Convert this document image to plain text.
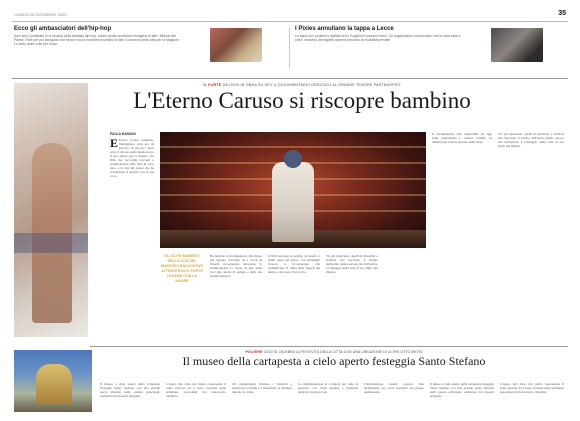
LUNEDÌ 28 DICEMBRE 2020	35
Ecco gli ambasciatori dell'hip-hop
Anni sono proiettato in la musica della fantasia hip hop, contro quale sembrano rivolgersi in fatti i Ministri del Paese. Fare per più tranquillo non bene e nuovi musicisti ricordano a fare il concerto della città per la stagione. Lo stato delle cose per il tour.
I Pixies annullano la tappa a Lecce
La band non porterà lo spettacolo in Puglia nei prossimi mesi. Gli organizzatori comunicano che la data salta e che il rimborso dei biglietti avverrà secondo le modalità previste.
IL FORTE DA OGGI IN ONDA SU SKY IL DOCUMENTARIO DEDICATO AL GRANDE TENORE PARTENOPEO
L'Eterno Caruso si riscopre bambino
PAOLA MARANO
E Enrico Caruso bambino, immaginato com era da piccolo, in età tra i dieci anni, il ritorno nella memoria tra il suo amore per la musica. Un film che raccoglie racconti e testimonianze dalla città in cui è nato, e la vita del tenore che ha conquistato il mondo con la sua voce.
GLI ALTRI MOMENTI DELLA VITA DEL MAESTRO RACCONTATI ATTRAVERSO IL FORTE LEGAME CON LA MADRE
Ha dedicato il documentario alla figura del ragazzo cresciuto tra i vicoli di Napoli, ricostruendo attraverso le testimonianze la storia di una delle voci più celebri di sempre e della sua eredità artistica.
Il film racconta le origini, gli studi e i primi passi sul palco, con immagini d'epoca e ricostruzioni che restituiscono il clima della Napoli del tempo e del teatro San Carlo.
Tra gli interventi, quelli di musicisti e studiosi che tracciano il ritratto dell'uomo prima ancora che dell'artista, e l'omaggio della città al suo figlio più illustre.
Il documentario sarà disponibile da oggi sulla piattaforma e resterà visibile on demand per tutto il periodo delle feste.
Tra gli interventi, quelli di musicisti e studiosi che tracciano il ritratto dell'uomo prima ancora che dell'artista, e l'omaggio della città al suo figlio più illustre.
POLVERE OGGI SI CELEBRA LA FESTIVITÀ DELLA CITTÀ CON UNA CREAZIONE DI OLTRE OTTO METRI
Il museo della cartapesta a cielo aperto festeggia Santo Stefano
Il museo a cielo aperto della cartapesta festeggia Santo Stefano con una grande opera allestita nella piazza principale, realizzata dai maestri artigiani.
L'opera, alta oltre otto metri, rappresenta il santo patrono ed è stata costruita nelle settimane precedenti dal laboratorio cittadino.
Gli organizzatori invitano i visitatori a rispettare le norme e a mantenere le distanze durante la visita.
La manifestazione si svolgerà per tutta la giornata, con visite guidate e momenti dedicati ai più piccoli.
L'installazione resterà esposta fino all'Epifania, poi verrà trasferita nel museo permanente.
Il museo a cielo aperto della cartapesta festeggia Santo Stefano con una grande opera allestita nella piazza principale, realizzata dai maestri artigiani.
L'opera, alta oltre otto metri, rappresenta il santo patrono ed è stata costruita nelle settimane precedenti dal laboratorio cittadino.
